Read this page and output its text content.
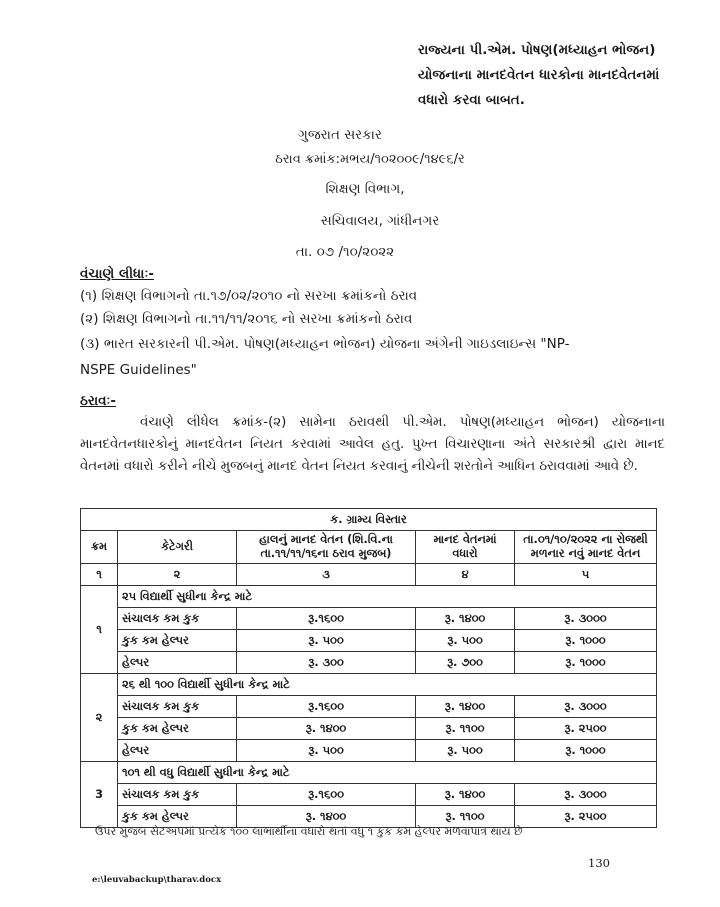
રાજ્યના પી.એમ. પોષણ(મધ્યાહન ભોજન) યોજનાના માનદવેતન ધારકોના માનદવેતનમાં વધારો કરવા બાબત.
ગુજરાત સરકાર
ઠરાવ ક્રમાંક:મભય/૧૦૨૦૦૯/૧૪૯૬/ર
શિક્ષણ વિભાગ,
સચિવાલય, ગાંધીનગર
તા. ૦૭ /૧૦/૨૦૨૨
વંચાણે લીધાઃ-
(૧) શિક્ષણ વિભાગનો તા.૧૭/૦૨/૨૦૧૦ નો સરખા ક્રમાંકનો ઠરાવ
(૨) શિક્ષણ વિભાગનો તા.૧૧/૧૧/૨૦૧૬ નો સરખા ક્રમાંકનો ઠરાવ
(૩) ભારત સરકારની પી.એમ. પોષણ(મધ્યાહન ભોજન) યોજના અંગેની ગાઇડલાઇન્સ "NP-
NSPE Guidelines"
ઠરાવઃ-
વંચાણે લીધેલ ક્રમાંક-(૨) સામેના ઠરાવથી પી.એમ. પોષણ(મધ્યાહન ભોજન) યોજનાના માનદવેતનધારકોનું માનદવેતન નિયત કરવામાં આવેલ હતુ. પુખ્ત વિચારણાના અંતે સરકારશ્રી દ્વારા માનદ વેતનમાં વધારો કરીને નીચે મુજબનું માનદ વેતન નિયત કરવાનું નીચેની શરતોને આધિન ઠરાવવામાં આવે છે.
ક. ગ્રામ્ય વિસ્તાર				
ક્રમ	કેટેગરી	હાલનું માનદ વેતન (શિ.વિ.ના તા.૧૧/૧૧/૧૬ના ઠરાવ મુજબ)	માનદ વેતનમાં વધારો	તા.૦૧/૧૦/૨૦૨૨ ના રોજથી મળનાર નવું માનદ વેતન
૧	૨	૩	૪	૫
૧	૨૫ વિદ્યાર્થી સુધીના કેન્દ્ર માટે			
	સંચાલક કમ કુક	રૂ.૧૬૦૦	રૂ. ૧૪૦૦	રૂ. ૩૦૦૦
	કુક કમ હેલ્પર	રૂ. ૫૦૦	રૂ. ૫૦૦	રૂ. ૧૦૦૦
	હેલ્પર	રૂ. ૩૦૦	રૂ. ૭૦૦	રૂ. ૧૦૦૦
૨	૨૬ થી ૧૦૦ વિદ્યાર્થી સુધીના કેન્દ્ર માટે			
	સંચાલક કમ કુક	રૂ.૧૬૦૦	રૂ. ૧૪૦૦	રૂ. ૩૦૦૦
	કુક કમ હેલ્પર	રૂ. ૧૪૦૦	રૂ. ૧૧૦૦	રૂ. ૨૫૦૦
	હેલ્પર	રૂ. ૫૦૦	રૂ. ૫૦૦	રૂ. ૧૦૦૦
3	૧૦૧ થી વધુ વિદ્યાર્થી સુધીના કેન્દ્ર માટે			
	સંચાલક કમ કુક	રૂ.૧૬૦૦	રૂ. ૧૪૦૦	રૂ. ૩૦૦૦
	કુક કમ હેલ્પર	રૂ. ૧૪૦૦	રૂ. ૧૧૦૦	રૂ. ૨૫૦૦
ઉપર મુજબ સેટઅપમાં પ્રત્યેક ૧૦૦ લાભાર્થીના વધારો થતાં વધુ ૧ કુક કમ હેલ્પર મળવાપાત્ર થાય છે
130
e:\leuvabackup\tharav.docx
